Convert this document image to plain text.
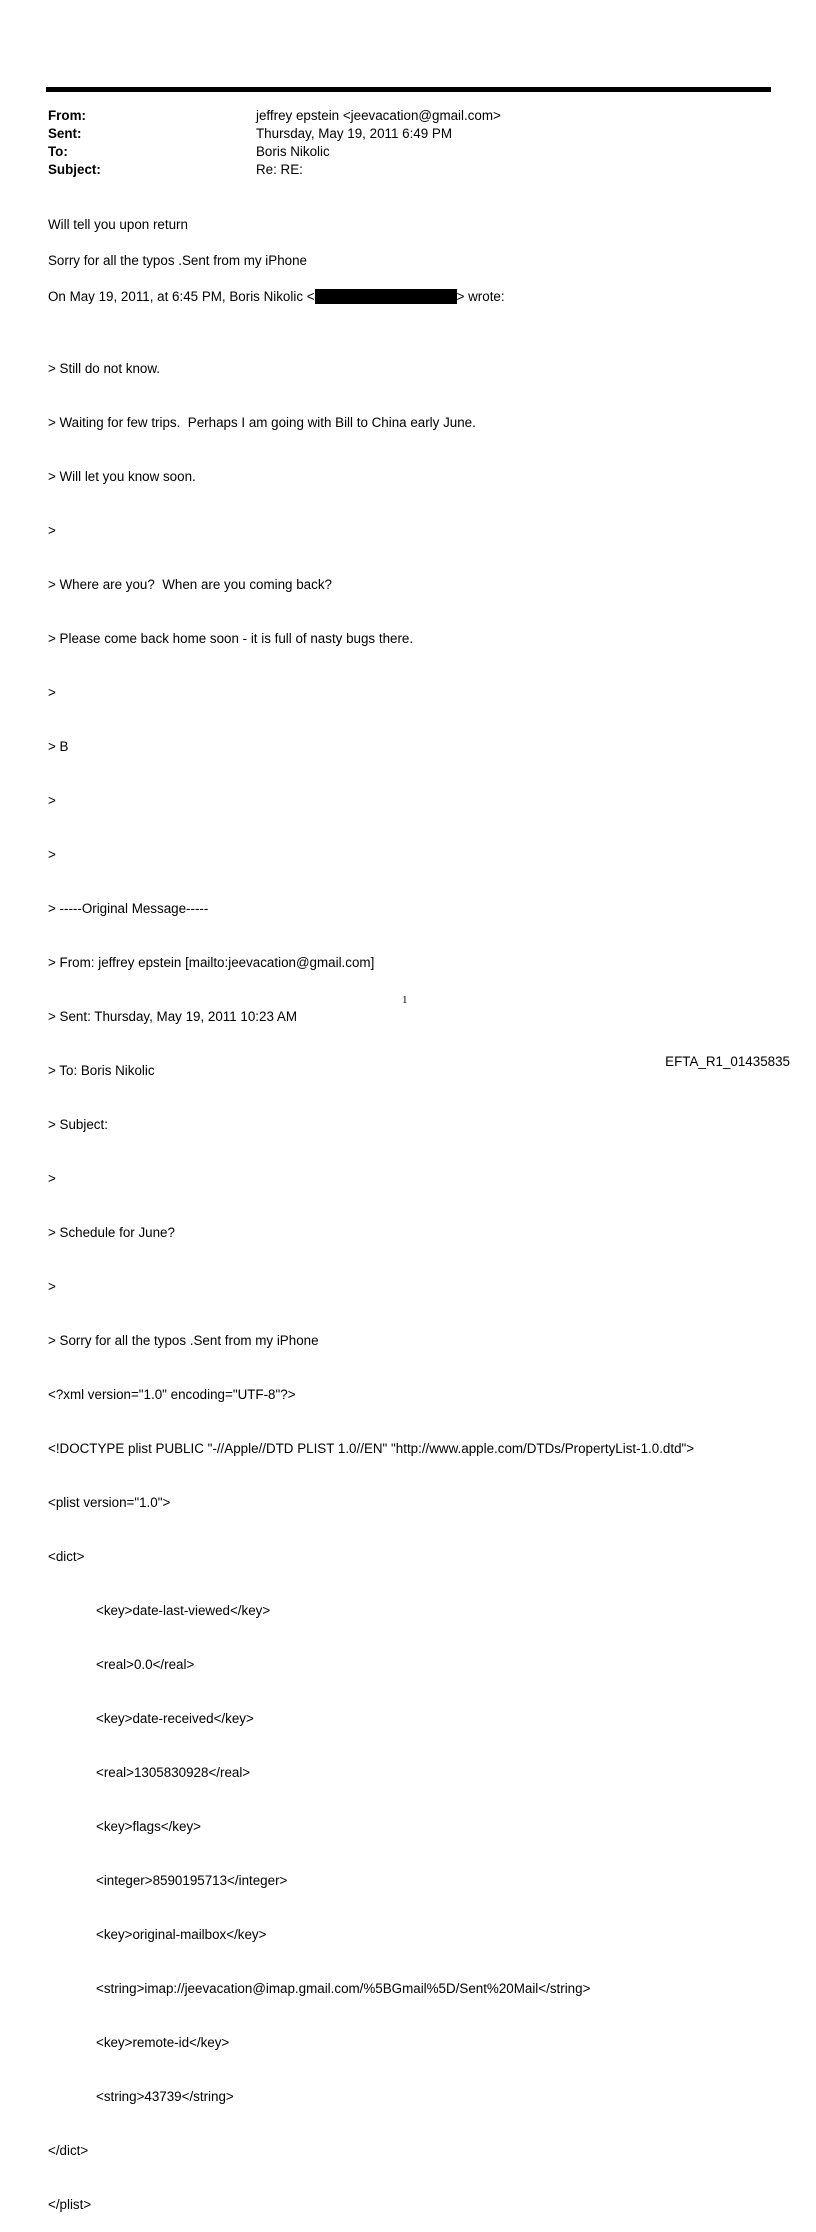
From:	jeffrey epstein <jeevacation@gmail.com>
Sent:	Thursday, May 19, 2011 6:49 PM
To:	Boris Nikolic
Subject:	Re: RE:
Will tell you upon return
Sorry for all the typos .Sent from my iPhone
On May 19, 2011, at 6:45 PM, Boris Nikolic <	> wrote:

> Still do not know.

> Waiting for few trips.  Perhaps I am going with Bill to China early June.

> Will let you know soon.

>

> Where are you?  When are you coming back?

> Please come back home soon - it is full of nasty bugs there.

>

> B

>

>

> -----Original Message-----

> From: jeffrey epstein [mailto:jeevacation@gmail.com]

> Sent: Thursday, May 19, 2011 10:23 AM

> To: Boris Nikolic

> Subject:

>

> Schedule for June?

>

> Sorry for all the typos .Sent from my iPhone

<?xml version="1.0" encoding="UTF-8"?>

<!DOCTYPE plist PUBLIC "-//Apple//DTD PLIST 1.0//EN" "http://www.apple.com/DTDs/PropertyList-1.0.dtd">

<plist version="1.0">

<dict>

<key>date-last-viewed</key>

<real>0.0</real>

<key>date-received</key>

<real>1305830928</real>

<key>flags</key>

<integer>8590195713</integer>

<key>original-mailbox</key>

<string>imap://jeevacation@imap.gmail.com/%5BGmail%5D/Sent%20Mail</string>

<key>remote-id</key>

<string>43739</string>

</dict>

</plist>

1
EFTA_R1_01435835
